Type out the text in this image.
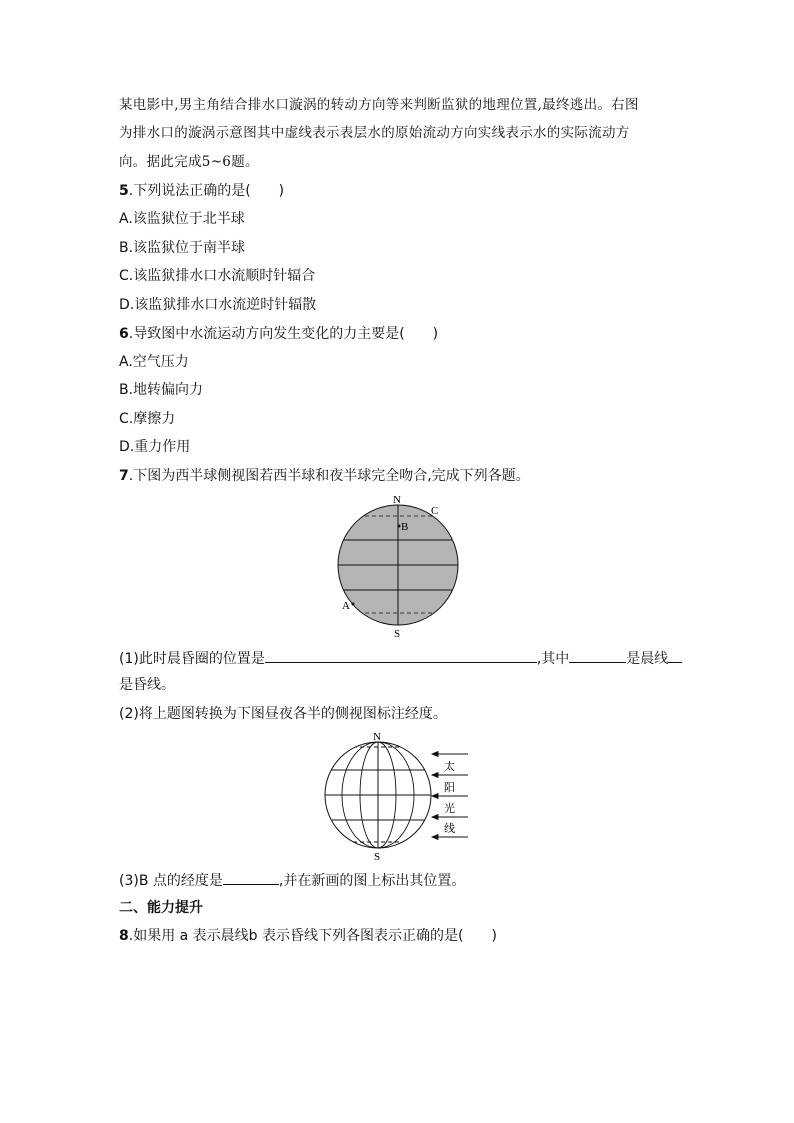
某电影中,男主角结合排水口漩涡的转动方向等来判断监狱的地理位置,最终逃出。右图
为排水口的漩涡示意图其中虚线表示表层水的原始流动方向实线表示水的实际流动方
向。据此完成5~6题。
5.下列说法正确的是(　　)
A.该监狱位于北半球
B.该监狱位于南半球
C.该监狱排水口水流顺时针辐合
D.该监狱排水口水流逆时针辐散
6.导致图中水流运动方向发生变化的力主要是(　　)
A.空气压力
B.地转偏向力
C.摩擦力
D.重力作用
7.下图为西半球侧视图若西半球和夜半球完全吻合,完成下列各题。
N
S
B
C
A
(1)此时晨昏圈的位置是	,其中	是晨线
是昏线。
(2)将上题图转换为下图昼夜各半的侧视图标注经度。
N
S
太
阳
光
线
(3)B 点的经度是	,并在新画的图上标出其位置。
二、能力提升
8.如果用 a 表示晨线b 表示昏线下列各图表示正确的是(　　)
